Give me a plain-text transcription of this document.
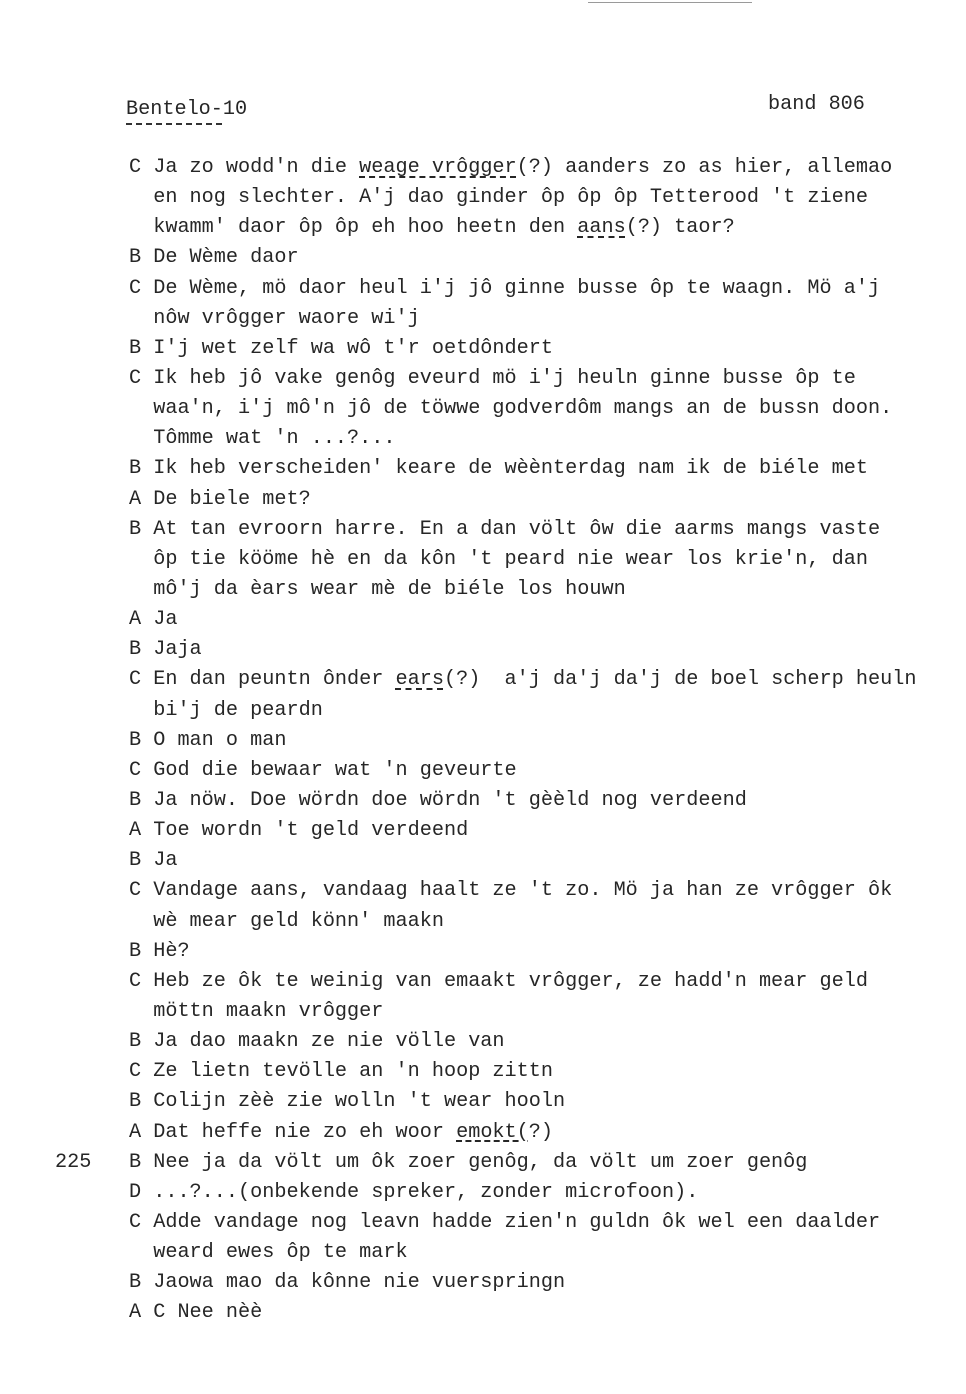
Bentelo-10	band 806
C Ja zo wodd'n die weage vrôgger(?) aanders zo as hier, allemao
en nog slechter. A'j dao ginder ôp ôp ôp Tetterood 't ziene
kwamm' daor ôp ôp eh hoo heetn den aans(?) taor?
B De Wème daor
C De Wème, mö daor heul i'j jô ginne busse ôp te waagn. Mö a'j
nôw vrôgger waore wi'j
B I'j wet zelf wa wô t'r oetdôndert
C Ik heb jô vake genôg eveurd mö i'j heuln ginne busse ôp te
waa'n, i'j mô'n jô de töwwe godverdôm mangs an de bussn doon.
Tômme wat 'n ...?...
B Ik heb verscheiden' keare de wèènterdag nam ik de biéle met
A De biele met?
B At tan evroorn harre. En a dan völt ôw die aarms mangs vaste
ôp tie kööme hè en da kôn 't peard nie wear los krie'n, dan
mô'j da èars wear mè de biéle los houwn
A Ja
B Jaja
C En dan peuntn ônder ears(?)  a'j da'j da'j de boel scherp heuln
bi'j de peardn
B O man o man
C God die bewaar wat 'n geveurte
B Ja nöw. Doe wördn doe wördn 't gèèld nog verdeend
A Toe wordn 't geld verdeend
B Ja
C Vandage aans, vandaag haalt ze 't zo. Mö ja han ze vrôgger ôk
wè mear geld könn' maakn
B Hè?
C Heb ze ôk te weinig van emaakt vrôgger, ze hadd'n mear geld
möttn maakn vrôgger
B Ja dao maakn ze nie völle van
C Ze lietn tevölle an 'n hoop zittn
B Colijn zèè zie wolln 't wear hooln
A Dat heffe nie zo eh woor emokt(?)
225 B Nee ja da völt um ôk zoer genôg, da völt um zoer genôg
D ...?...(onbekende spreker, zonder microfoon).
C Adde vandage nog leavn hadde zien'n guldn ôk wel een daalder
weard ewes ôp te mark
B Jaowa mao da kônne nie vuerspringn
A C Nee nèè
